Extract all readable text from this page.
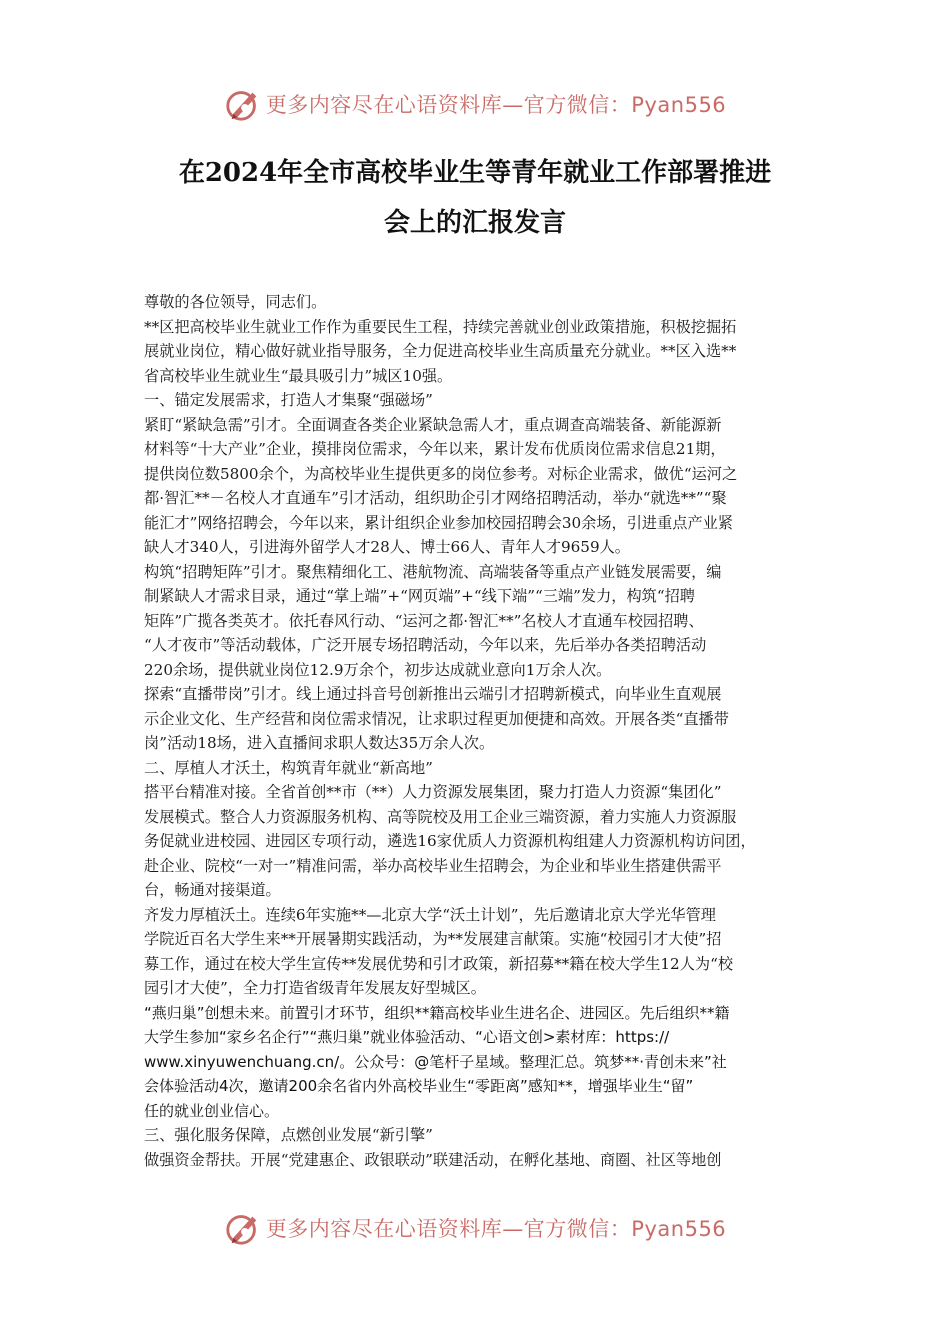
更多内容尽在心语资料库—官方微信：Pyan556
在2024年全市高校毕业生等青年就业工作部署推进
会上的汇报发言
尊敬的各位领导，同志们。
**区把高校毕业生就业工作作为重要民生工程，持续完善就业创业政策措施，积极挖掘拓
展就业岗位，精心做好就业指导服务，全力促进高校毕业生高质量充分就业。**区入选**
省高校毕业生就业生“最具吸引力”城区10强。
一、锚定发展需求，打造人才集聚“强磁场”
紧盯“紧缺急需”引才。全面调查各类企业紧缺急需人才，重点调查高端装备、新能源新
材料等“十大产业”企业，摸排岗位需求，今年以来，累计发布优质岗位需求信息21期，
提供岗位数5800余个，为高校毕业生提供更多的岗位参考。对标企业需求，做优“运河之
都·智汇**－名校人才直通车”引才活动，组织助企引才网络招聘活动，举办“就选**”“聚
能汇才”网络招聘会，今年以来，累计组织企业参加校园招聘会30余场，引进重点产业紧
缺人才340人，引进海外留学人才28人、博士66人、青年人才9659人。
构筑“招聘矩阵”引才。聚焦精细化工、港航物流、高端装备等重点产业链发展需要，编
制紧缺人才需求目录，通过“掌上端”+“网页端”+“线下端”“三端”发力，构筑“招聘
矩阵”广揽各类英才。依托春风行动、“运河之都·智汇**”名校人才直通车校园招聘、
“人才夜市”等活动载体，广泛开展专场招聘活动，今年以来，先后举办各类招聘活动
220余场，提供就业岗位12.9万余个，初步达成就业意向1万余人次。
探索“直播带岗”引才。线上通过抖音号创新推出云端引才招聘新模式，向毕业生直观展
示企业文化、生产经营和岗位需求情况，让求职过程更加便捷和高效。开展各类“直播带
岗”活动18场，进入直播间求职人数达35万余人次。
二、厚植人才沃土，构筑青年就业“新高地”
搭平台精准对接。全省首创**市（**）人力资源发展集团，聚力打造人力资源“集团化”
发展模式。整合人力资源服务机构、高等院校及用工企业三端资源，着力实施人力资源服
务促就业进校园、进园区专项行动，遴选16家优质人力资源机构组建人力资源机构访问团，
赴企业、院校“一对一”精准问需，举办高校毕业生招聘会，为企业和毕业生搭建供需平
台，畅通对接渠道。
齐发力厚植沃土。连续6年实施**—北京大学“沃土计划”，先后邀请北京大学光华管理
学院近百名大学生来**开展暑期实践活动，为**发展建言献策。实施“校园引才大使”招
募工作，通过在校大学生宣传**发展优势和引才政策，新招募**籍在校大学生12人为“校
园引才大使”，全力打造省级青年发展友好型城区。
“燕归巢”创想未来。前置引才环节，组织**籍高校毕业生进名企、进园区。先后组织**籍
大学生参加“家乡名企行”“燕归巢”就业体验活动、“心语文创>素材库：https://
www.xinyuwenchuang.cn/。公众号：@笔杆子星域。整理汇总。筑梦**·青创未来”社
会体验活动4次，邀请200余名省内外高校毕业生“零距离”感知**，增强毕业生“留”
任的就业创业信心。
三、强化服务保障，点燃创业发展“新引擎”
做强资金帮扶。开展“党建惠企、政银联动”联建活动，在孵化基地、商圈、社区等地创
更多内容尽在心语资料库—官方微信：Pyan556
